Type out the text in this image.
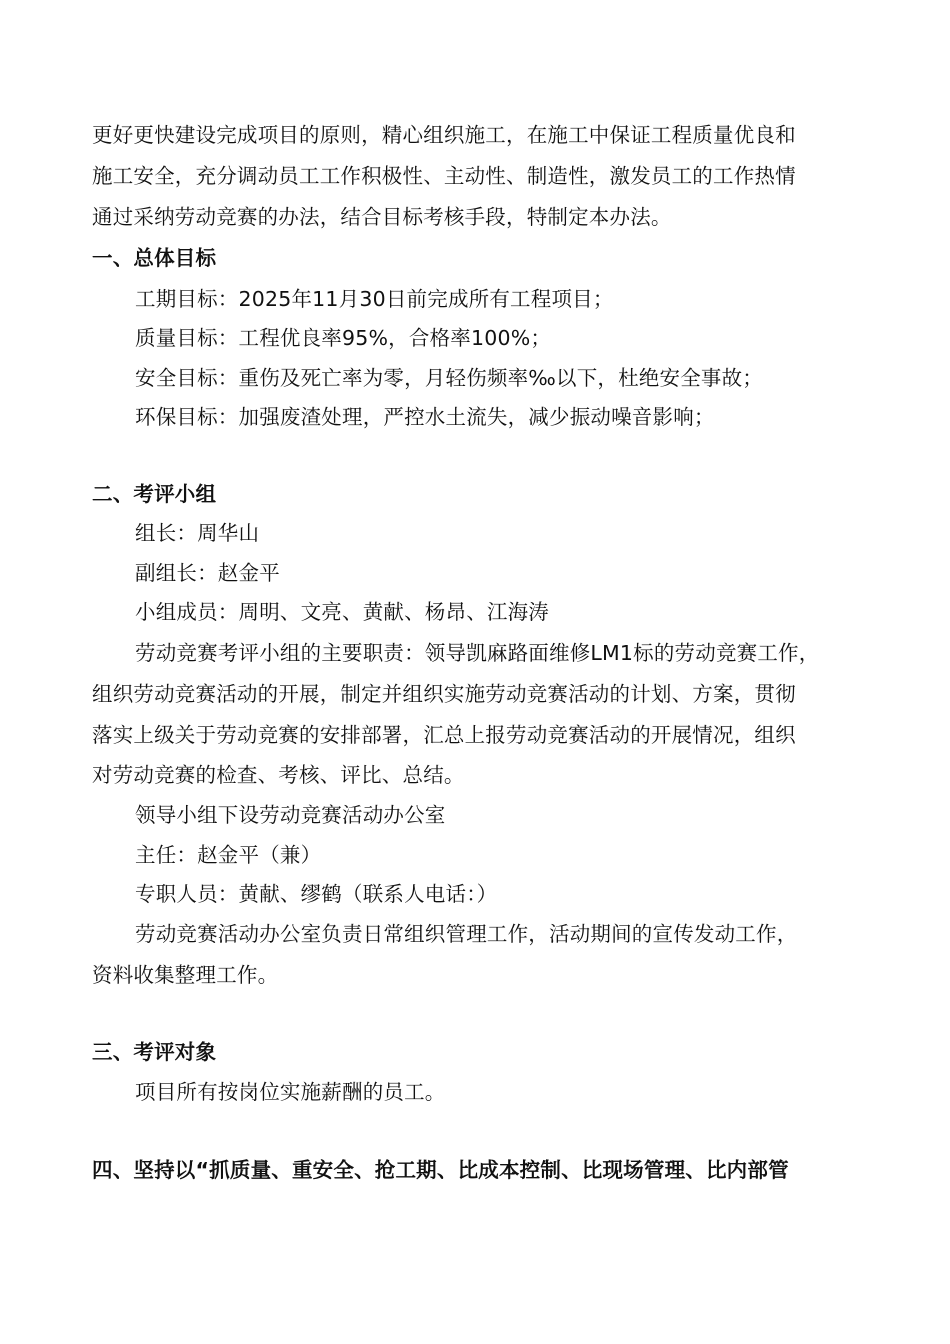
更好更快建设完成项目的原则，精心组织施工，在施工中保证工程质量优良和
施工安全，充分调动员工工作积极性、主动性、制造性，激发员工的工作热情
通过采纳劳动竞赛的办法，结合目标考核手段，特制定本办法。
一、总体目标
工期目标：2025年11月30日前完成所有工程项目；
质量目标：工程优良率95%，合格率100%；
安全目标：重伤及死亡率为零，月轻伤频率‰以下，杜绝安全事故；
环保目标：加强废渣处理，严控水土流失，减少振动噪音影响；
二、考评小组
组长：周华山
副组长：赵金平
小组成员：周明、文亮、黄献、杨昂、江海涛
劳动竞赛考评小组的主要职责：领导凯麻路面维修LM1标的劳动竞赛工作，
组织劳动竞赛活动的开展，制定并组织实施劳动竞赛活动的计划、方案，贯彻
落实上级关于劳动竞赛的安排部署，汇总上报劳动竞赛活动的开展情况，组织
对劳动竞赛的检查、考核、评比、总结。
领导小组下设劳动竞赛活动办公室
主任：赵金平（兼）
专职人员：黄献、缪鹤（联系人电话：）
劳动竞赛活动办公室负责日常组织管理工作，活动期间的宣传发动工作，
资料收集整理工作。
三、考评对象
项目所有按岗位实施薪酬的员工。
四、坚持以“抓质量、重安全、抢工期、比成本控制、比现场管理、比内部管
